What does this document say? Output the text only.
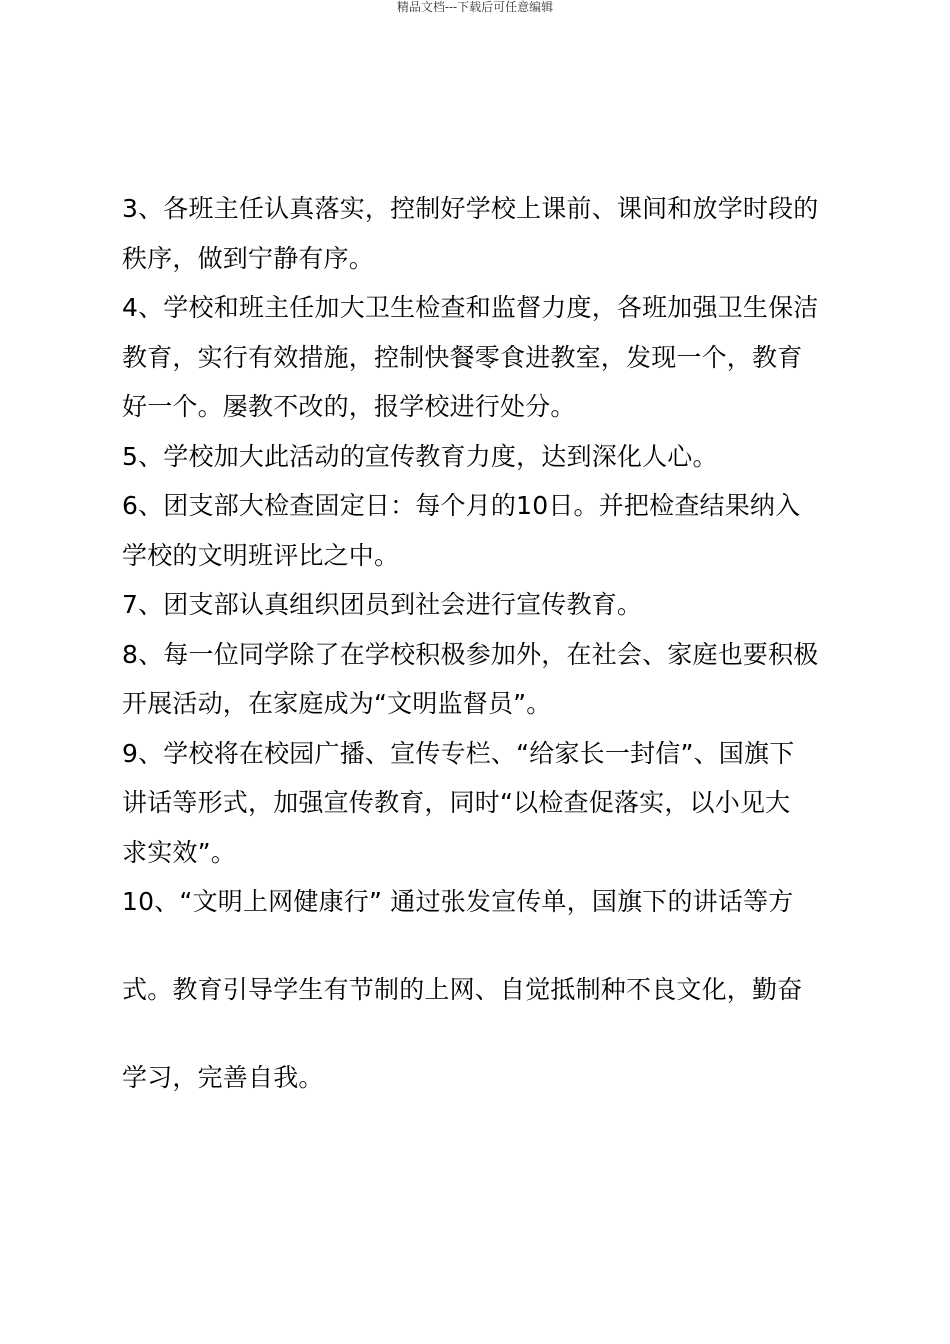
精品文档---下载后可任意编辑
3、各班主任认真落实，控制好学校上课前、课间和放学时段的
秩序，做到宁静有序。
4、学校和班主任加大卫生检查和监督力度，各班加强卫生保洁
教育，实行有效措施，控制快餐零食进教室，发现一个，教育
好一个。屡教不改的，报学校进行处分。
5、学校加大此活动的宣传教育力度，达到深化人心。
6、团支部大检查固定日：每个月的10日。并把检查结果纳入
学校的文明班评比之中。
7、团支部认真组织团员到社会进行宣传教育。
8、每一位同学除了在学校积极参加外，在社会、家庭也要积极
开展活动，在家庭成为“文明监督员”。
9、学校将在校园广播、宣传专栏、“给家长一封信”、国旗下
讲话等形式，加强宣传教育，同时“以检查促落实，以小见大
求实效”。
10、“文明上网健康行” 通过张发宣传单，国旗下的讲话等方
式。教育引导学生有节制的上网、自觉抵制种不良文化，勤奋
学习，完善自我。
